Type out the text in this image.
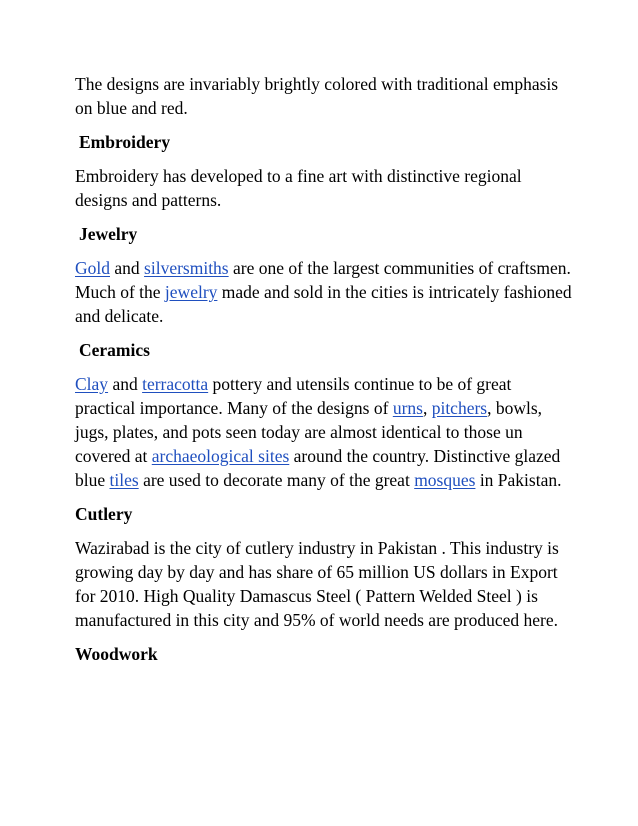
The designs are invariably brightly colored with traditional emphasis on blue and red.

Embroidery

Embroidery has developed to a fine art with distinctive regional designs and patterns.

Jewelry

Gold and silversmiths are one of the largest communities of craftsmen. Much of the jewelry made and sold in the cities is intricately fashioned and delicate.

Ceramics

Clay and terracotta pottery and utensils continue to be of great practical importance. Many of the designs of urns, pitchers, bowls, jugs, plates, and pots seen today are almost identical to those un covered at archaeological sites around the country. Distinctive glazed blue tiles are used to decorate many of the great mosques in Pakistan.

Cutlery

Wazirabad is the city of cutlery industry in Pakistan . This industry is growing day by day and has share of 65 million US dollars in Export for 2010. High Quality Damascus Steel ( Pattern Welded Steel ) is manufactured in this city and 95% of world needs are produced here.

Woodwork
